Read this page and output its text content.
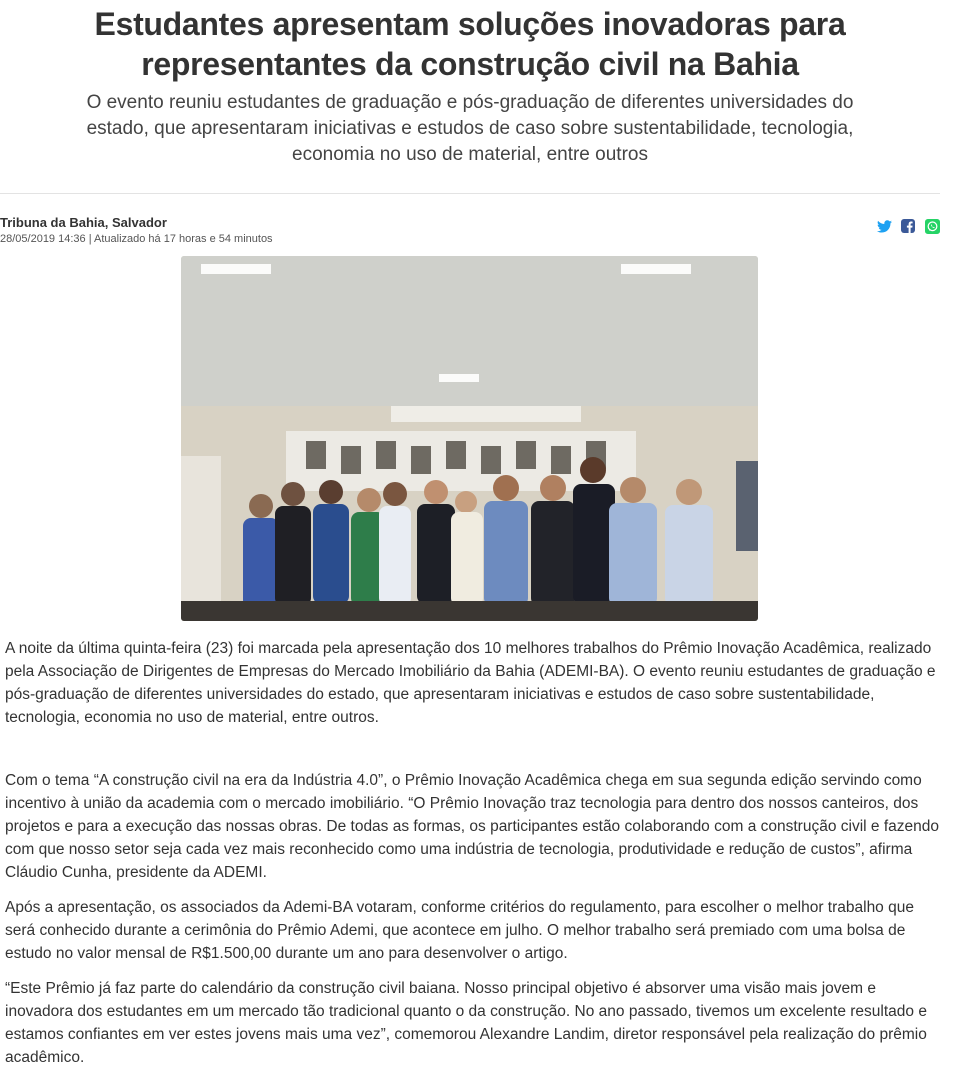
Estudantes apresentam soluções inovadoras para representantes da construção civil na Bahia
O evento reuniu estudantes de graduação e pós-graduação de diferentes universidades do estado, que apresentaram iniciativas e estudos de caso sobre sustentabilidade, tecnologia, economia no uso de material, entre outros
Tribuna da Bahia, Salvador
28/05/2019 14:36 | Atualizado há 17 horas e 54 minutos

A noite da última quinta-feira (23) foi marcada pela apresentação dos 10 melhores trabalhos do Prêmio Inovação Acadêmica, realizado pela Associação de Dirigentes de Empresas do Mercado Imobiliário da Bahia (ADEMI-BA). O evento reuniu estudantes de graduação e pós-graduação de diferentes universidades do estado, que apresentaram iniciativas e estudos de caso sobre sustentabilidade, tecnologia, economia no uso de material, entre outros.

Com o tema “A construção civil na era da Indústria 4.0”, o Prêmio Inovação Acadêmica chega em sua segunda edição servindo como incentivo à união da academia com o mercado imobiliário. “O Prêmio Inovação traz tecnologia para dentro dos nossos canteiros, dos projetos e para a execução das nossas obras. De todas as formas, os participantes estão colaborando com a construção civil e fazendo com que nosso setor seja cada vez mais reconhecido como uma indústria de tecnologia, produtividade e redução de custos”, afirma Cláudio Cunha, presidente da ADEMI.

Após a apresentação, os associados da Ademi-BA votaram, conforme critérios do regulamento, para escolher o melhor trabalho que será conhecido durante a cerimônia do Prêmio Ademi, que acontece em julho. O melhor trabalho será premiado com uma bolsa de estudo no valor mensal de R$1.500,00 durante um ano para desenvolver o artigo.

“Este Prêmio já faz parte do calendário da construção civil baiana. Nosso principal objetivo é absorver uma visão mais jovem e inovadora dos estudantes em um mercado tão tradicional quanto o da construção. No ano passado, tivemos um excelente resultado e estamos confiantes em ver estes jovens mais uma vez”, comemorou Alexandre Landim, diretor responsável pela realização do prêmio acadêmico.
